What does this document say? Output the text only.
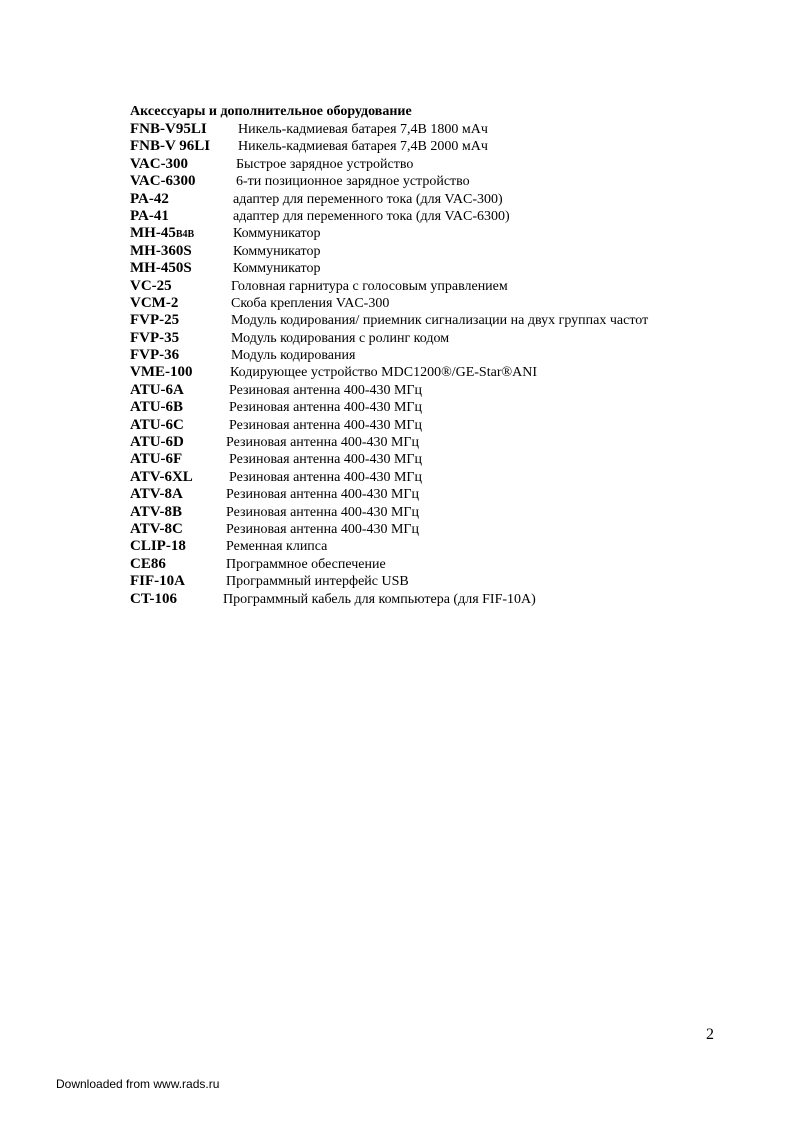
Аксессуары и дополнительное оборудование
FNB-V95LI Никель-кадмиевая батарея 7,4В 1800 мАч
FNB-V 96LI Никель-кадмиевая батарея 7,4В 2000 мАч
VAC-300	Быстрое зарядное устройство
VAC-6300	6-ти позиционное зарядное устройство
PA-42	адаптер для переменного тока (для VAC-300)
PA-41	адаптер для переменного тока (для VAC-6300)
MH-45B4B	Коммуникатор
MH-360S	Коммуникатор
MH-450S	Коммуникатор
VC-25	Головная гарнитура с голосовым управлением
VCM-2	Скоба крепления VAC-300
FVP-25	Модуль кодирования/ приемник сигнализации на двух группах частот
FVP-35	Модуль кодирования с ролинг кодом
FVP-36	Модуль кодирования
VME-100	Кодирующее устройство MDC1200®/GE-Star®ANI
ATU-6A	Резиновая антенна 400-430 МГц
ATU-6B	Резиновая антенна 400-430 МГц
ATU-6C	Резиновая антенна 400-430 МГц
ATU-6D	Резиновая антенна 400-430 МГц
ATU-6F	Резиновая антенна 400-430 МГц
ATV-6XL	Резиновая антенна 400-430 МГц
ATV-8A	Резиновая антенна 400-430 МГц
ATV-8B	Резиновая антенна 400-430 МГц
ATV-8C	Резиновая антенна 400-430 МГц
CLIP-18	Ременная клипса
CE86	Программное обеспечение
FIF-10A	Программный интерфейс USB
CT-106	Программный кабель для компьютера (для FIF-10A)
2
Downloaded from www.rads.ru
